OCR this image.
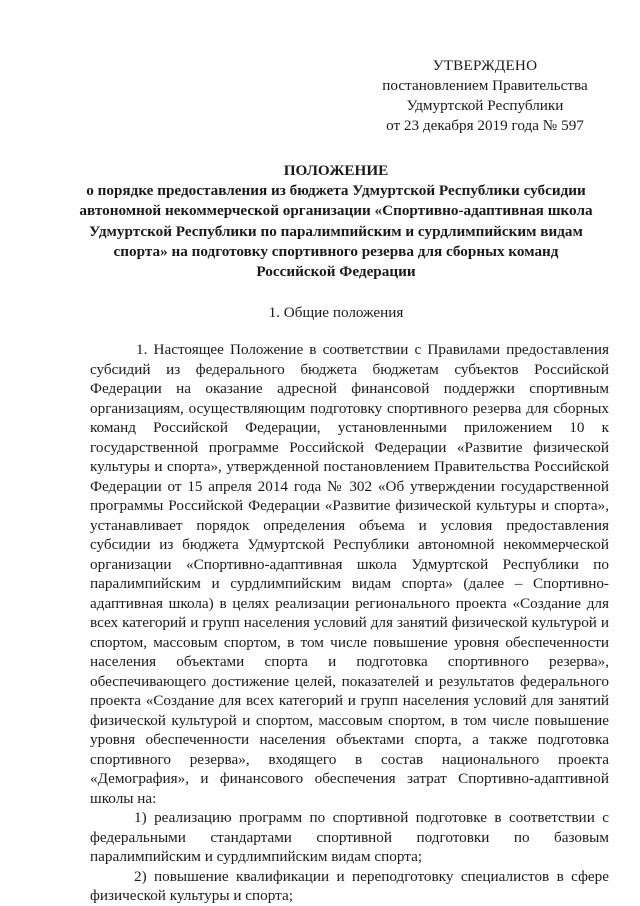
УТВЕРЖДЕНО
постановлением Правительства
Удмуртской Республики
от 23 декабря 2019 года № 597
ПОЛОЖЕНИЕ
о порядке предоставления из бюджета Удмуртской Республики субсидии
автономной некоммерческой организации «Спортивно-адаптивная школа
Удмуртской Республики по паралимпийским и сурдлимпийским видам
спорта» на подготовку спортивного резерва для сборных команд
Российской Федерации
1. Общие положения

1. Настоящее Положение в соответствии с Правилами предоставления субсидий из федерального бюджета бюджетам субъектов Российской Федерации на оказание адресной финансовой поддержки спортивным организациям, осуществляющим подготовку спортивного резерва для сборных команд Российской Федерации, установленными приложением 10 к государственной программе Российской Федерации «Развитие физической культуры и спорта», утвержденной постановлением Правительства Российской Федерации от 15 апреля 2014 года № 302 «Об утверждении государственной программы Российской Федерации «Развитие физической культуры и спорта», устанавливает порядок определения объема и условия предоставления субсидии из бюджета Удмуртской Республики автономной некоммерческой организации «Спортивно-адаптивная школа Удмуртской Республики по паралимпийским и сурдлимпийским видам спорта» (далее – Спортивно-адаптивная школа) в целях реализации регионального проекта «Создание для всех категорий и групп населения условий для занятий физической культурой и спортом, массовым спортом, в том числе повышение уровня обеспеченности населения объектами спорта и подготовка спортивного резерва», обеспечивающего достижение целей, показателей и результатов федерального проекта «Создание для всех категорий и групп населения условий для занятий физической культурой и спортом, массовым спортом, в том числе повышение уровня обеспеченности населения объектами спорта, а также подготовка спортивного резерва», входящего в состав национального проекта «Демография», и финансового обеспечения затрат Спортивно-адаптивной школы на:

1) реализацию программ по спортивной подготовке в соответствии с федеральными стандартами спортивной подготовки по базовым паралимпийским и сурдлимпийским видам спорта;

2) повышение квалификации и переподготовку специалистов в сфере физической культуры и спорта;
